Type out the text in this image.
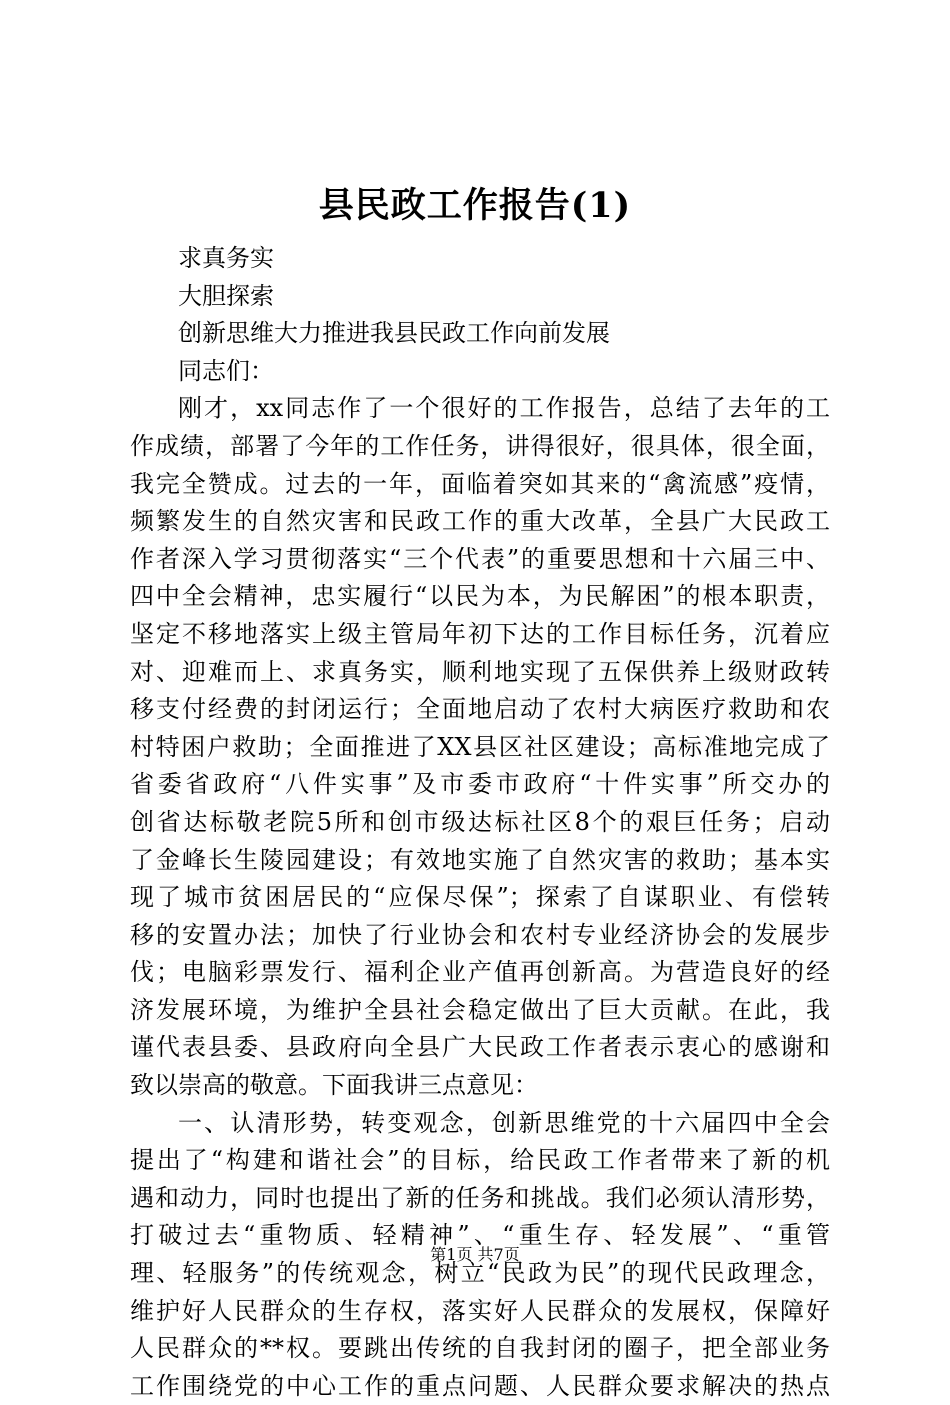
县民政工作报告(1)
求真务实
大胆探索
创新思维大力推进我县民政工作向前发展
同志们：
刚才，xx同志作了一个很好的工作报告，总结了去年的工
作成绩，部署了今年的工作任务，讲得很好，很具体，很全面，
我完全赞成。过去的一年，面临着突如其来的“禽流感”疫情，
频繁发生的自然灾害和民政工作的重大改革，全县广大民政工
作者深入学习贯彻落实“三个代表”的重要思想和十六届三中、
四中全会精神，忠实履行“以民为本，为民解困”的根本职责，
坚定不移地落实上级主管局年初下达的工作目标任务，沉着应
对、迎难而上、求真务实，顺利地实现了五保供养上级财政转
移支付经费的封闭运行；全面地启动了农村大病医疗救助和农
村特困户救助；全面推进了XX县区社区建设；高标准地完成了
省委省政府“八件实事”及市委市政府“十件实事”所交办的
创省达标敬老院5所和创市级达标社区8个的艰巨任务；启动
了金峰长生陵园建设；有效地实施了自然灾害的救助；基本实
现了城市贫困居民的“应保尽保”；探索了自谋职业、有偿转
移的安置办法；加快了行业协会和农村专业经济协会的发展步
伐；电脑彩票发行、福利企业产值再创新高。为营造良好的经
济发展环境，为维护全县社会稳定做出了巨大贡献。在此，我
谨代表县委、县政府向全县广大民政工作者表示衷心的感谢和
致以崇高的敬意。下面我讲三点意见：
一、认清形势，转变观念，创新思维党的十六届四中全会
提出了“构建和谐社会”的目标，给民政工作者带来了新的机
遇和动力，同时也提出了新的任务和挑战。我们必须认清形势，
打破过去“重物质、轻精神”、“重生存、轻发展”、“重管
理、轻服务”的传统观念，树立“民政为民”的现代民政理念，
维护好人民群众的生存权，落实好人民群众的发展权，保障好
人民群众的**权。要跳出传统的自我封闭的圈子，把全部业务
工作围绕党的中心工作的重点问题、人民群众要求解决的热点
第1页 共7页
